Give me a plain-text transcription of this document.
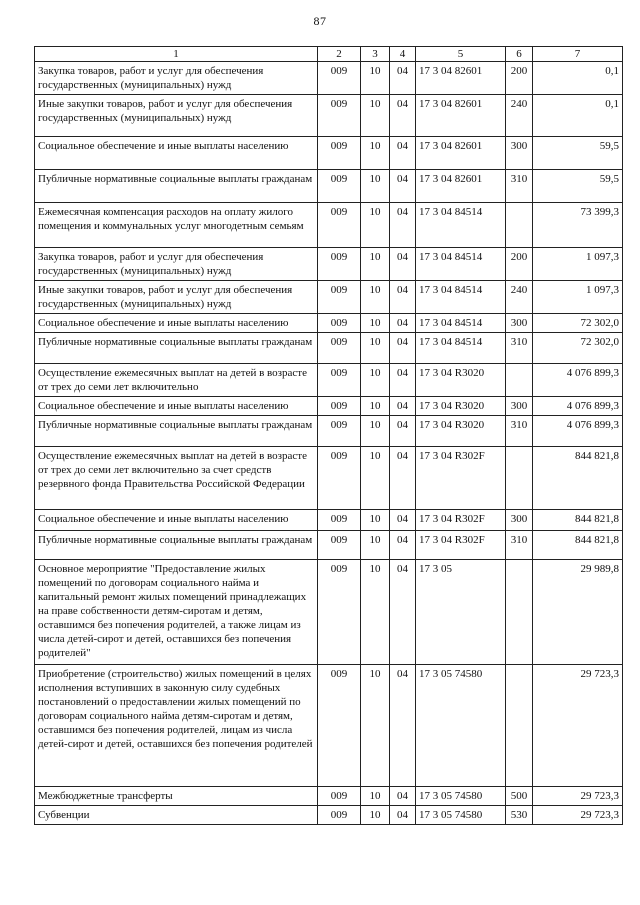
87
1	2	3	4	5	6	7
Закупка товаров, работ и услуг для обеспечения государственных (муниципальных) нужд	009	10	04	17 3 04 82601	200	0,1
Иные закупки товаров, работ и услуг для обеспечения государственных (муниципальных) нужд	009	10	04	17 3 04 82601	240	0,1
Социальное обеспечение и иные выплаты населению	009	10	04	17 3 04 82601	300	59,5
Публичные нормативные социальные выплаты гражданам	009	10	04	17 3 04 82601	310	59,5
Ежемесячная компенсация расходов на оплату жилого помещения и коммунальных услуг многодетным семьям	009	10	04	17 3 04 84514		73 399,3
Закупка товаров, работ и услуг для обеспечения государственных (муниципальных) нужд	009	10	04	17 3 04 84514	200	1 097,3
Иные закупки товаров, работ и услуг для обеспечения государственных (муниципальных) нужд	009	10	04	17 3 04 84514	240	1 097,3
Социальное обеспечение и иные выплаты населению	009	10	04	17 3 04 84514	300	72 302,0
Публичные нормативные социальные выплаты гражданам	009	10	04	17 3 04 84514	310	72 302,0
Осуществление ежемесячных выплат на детей в возрасте от трех до семи лет включительно	009	10	04	17 3 04 R3020		4 076 899,3
Социальное обеспечение и иные выплаты населению	009	10	04	17 3 04 R3020	300	4 076 899,3
Публичные нормативные социальные выплаты гражданам	009	10	04	17 3 04 R3020	310	4 076 899,3
Осуществление ежемесячных выплат на детей в возрасте от трех до семи лет включительно за счет средств резервного фонда Правительства Российской Федерации	009	10	04	17 3 04 R302F		844 821,8
Социальное обеспечение и иные выплаты населению	009	10	04	17 3 04 R302F	300	844 821,8
Публичные нормативные социальные выплаты гражданам	009	10	04	17 3 04 R302F	310	844 821,8
Основное мероприятие "Предоставление жилых помещений по договорам социального найма и капитальный ремонт жилых помещений принадлежащих на праве собственности детям-сиротам и детям, оставшимся без попечения родителей, а также лицам из числа детей-сирот и детей, оставшихся без попечения родителей"	009	10	04	17 3 05		29 989,8
Приобретение (строительство) жилых помещений в целях исполнения вступивших в законную силу судебных постановлений о предоставлении жилых помещений по договорам социального найма детям-сиротам и детям, оставшимся без попечения родителей, лицам из числа детей-сирот и детей, оставшихся без попечения родителей	009	10	04	17 3 05 74580		29 723,3
Межбюджетные трансферты	009	10	04	17 3 05 74580	500	29 723,3
Субвенции	009	10	04	17 3 05 74580	530	29 723,3
